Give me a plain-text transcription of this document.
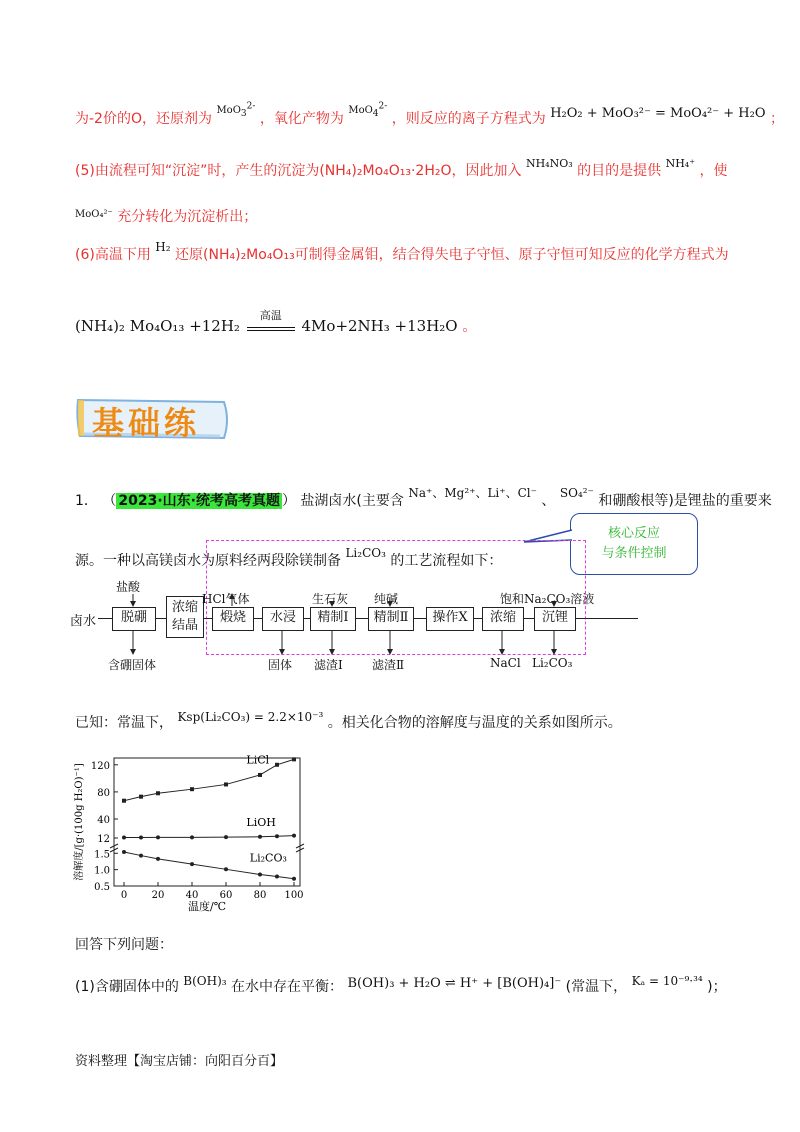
为-2价的O，还原剂为 $^{MoO_3^{2-}}$ ，氧化产物为 $^{MoO_4^{2-}}$ ，则反应的离子方程式为 H₂O₂ + MoO₃²⁻ = MoO₄²⁻ + H₂O ；
(5)由流程可知“沉淀”时，产生的沉淀为(NH₄)₂Mo₄O₁₃·2H₂O，因此加入 $^{NH_4NO_3}$ 的目的是提供 $^{NH_4^+}$ ，使
$^{MoO_4^{2-}}$ 充分转化为沉淀析出；
(6)高温下用 H₂ 还原(NH₄)₂Mo₄O₁₃可制得金属钼，结合得失电子守恒、原子守恒可知反应的化学方程式为
(NH₄)₂ Mo₄O₁₃ +12H₂
高温
4Mo+2NH₃ +13H₂O 。
基础练
1． （ 2023·山东·统考高考真题 ） 盐湖卤水(主要含 Na⁺、Mg²⁺、Li⁺、Cl⁻ 、 SO₄²⁻ 和硼酸根等)是锂盐的重要来
源。一种以高镁卤水为原料经两段除镁制备 Li₂CO₃ 的工艺流程如下：
核心反应
与条件控制
卤水	脱硼
浓缩
结晶
煅烧	水浸	精制Ⅰ	精制Ⅱ	操作X	浓缩	沉锂
盐酸
HCl气体	生石灰 纯碱	饱和Na₂CO₃溶液
含硼固体	固体 滤渣Ⅰ 滤渣Ⅱ	NaCl Li₂CO₃
已知：常温下， Ksp(Li₂CO₃) = 2.2×10⁻³ 。相关化合物的溶解度与温度的关系如图所示。
120
80
40
12
1.5
1.0
0.5
0 20 40 60 80 100
温度/℃
溶解度/[g·(100g H₂O)⁻¹]
LiCl
LiOH
Li₂CO₃
回答下列问题：
(1)含硼固体中的 B(OH)₃ 在水中存在平衡： B(OH)₃ + H₂O ⇌ H⁺ + [B(OH)₄]⁻ (常温下， Kₐ = 10⁻⁹·³⁴ )；
资料整理【淘宝店铺：向阳百分百】
